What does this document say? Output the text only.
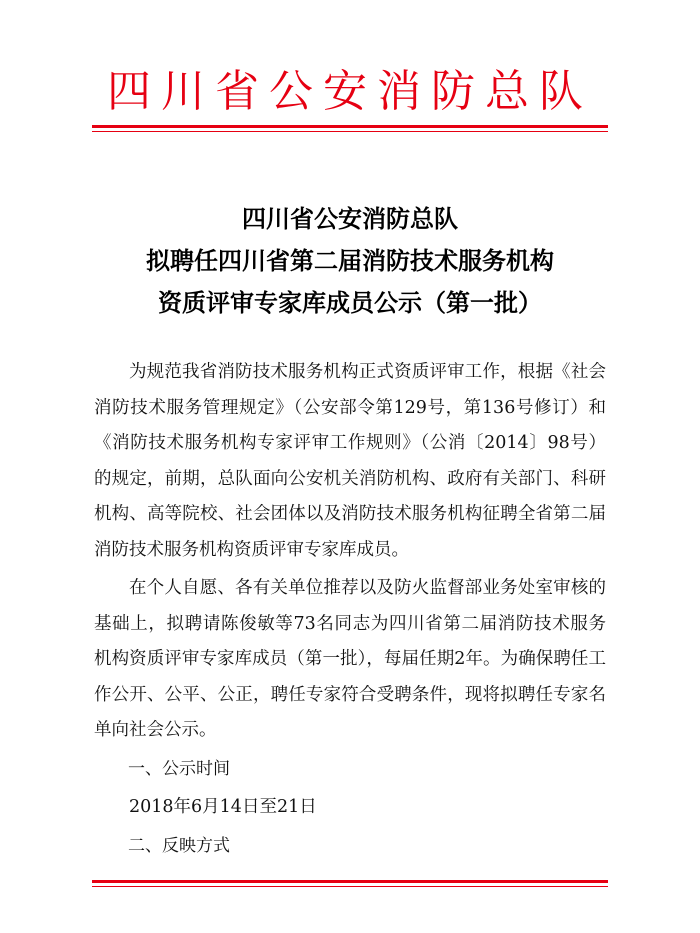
四川省公安消防总队
四川省公安消防总队
拟聘任四川省第二届消防技术服务机构
资质评审专家库成员公示（第一批）

为规范我省消防技术服务机构正式资质评审工作，根据《社会消防技术服务管理规定》（公安部令第129号，第136号修订）和《消防技术服务机构专家评审工作规则》（公消〔2014〕98号）的规定，前期，总队面向公安机关消防机构、政府有关部门、科研机构、高等院校、社会团体以及消防技术服务机构征聘全省第二届消防技术服务机构资质评审专家库成员。

在个人自愿、各有关单位推荐以及防火监督部业务处室审核的基础上，拟聘请陈俊敏等73名同志为四川省第二届消防技术服务机构资质评审专家库成员（第一批），每届任期2年。为确保聘任工作公开、公平、公正，聘任专家符合受聘条件，现将拟聘任专家名单向社会公示。

一、公示时间

2018年6月14日至21日

二、反映方式
